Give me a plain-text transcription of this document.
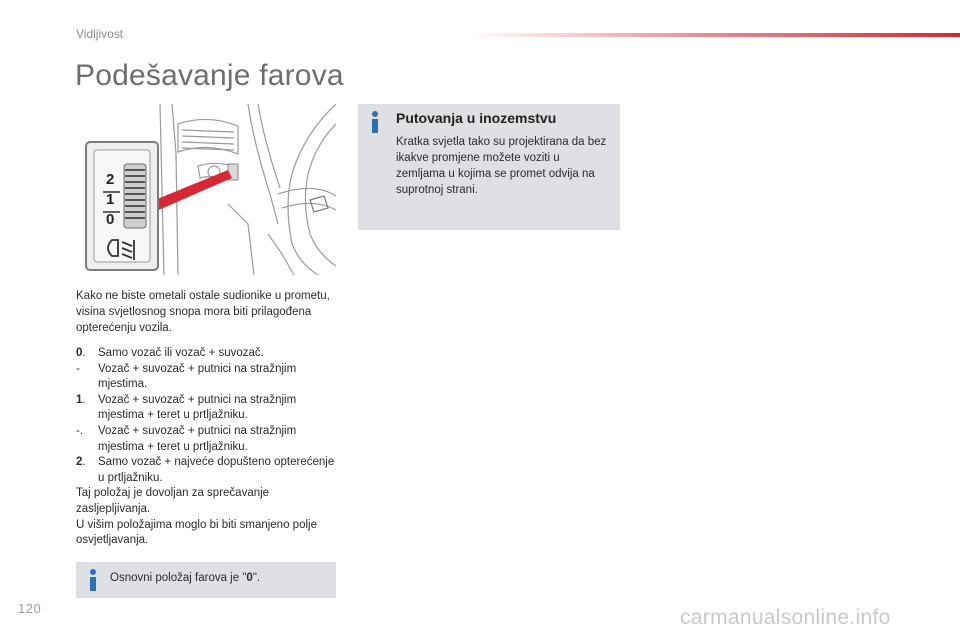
Vidljivost
Podešavanje farova
2
1
0

Kako ne biste ometali ostale sudionike u prometu, visina svjetlosnog snopa mora biti prilagođena opterećenju vozila.

0.	Samo vozač ili vozač + suvozač.
-	Vozač + suvozač + putnici na stražnjim mjestima.
1.	Vozač + suvozač + putnici na stražnjim mjestima + teret u prtljažniku.
-.	Vozač + suvozač + putnici na stražnjim mjestima + teret u prtljažniku.
2.	Samo vozač + najveće dopušteno opterećenje u prtljažniku.
Taj položaj je dovoljan za sprečavanje zasljepljivanja.
U višim položajima moglo bi biti smanjeno polje osvjetljavanja.
Osnovni položaj farova je "0".
Putovanja u inozemstvu

Kratka svjetla tako su projektirana da bez ikakve promjene možete voziti u zemljama u kojima se promet odvija na suprotnoj strani.

120	carmanualsonline.info
